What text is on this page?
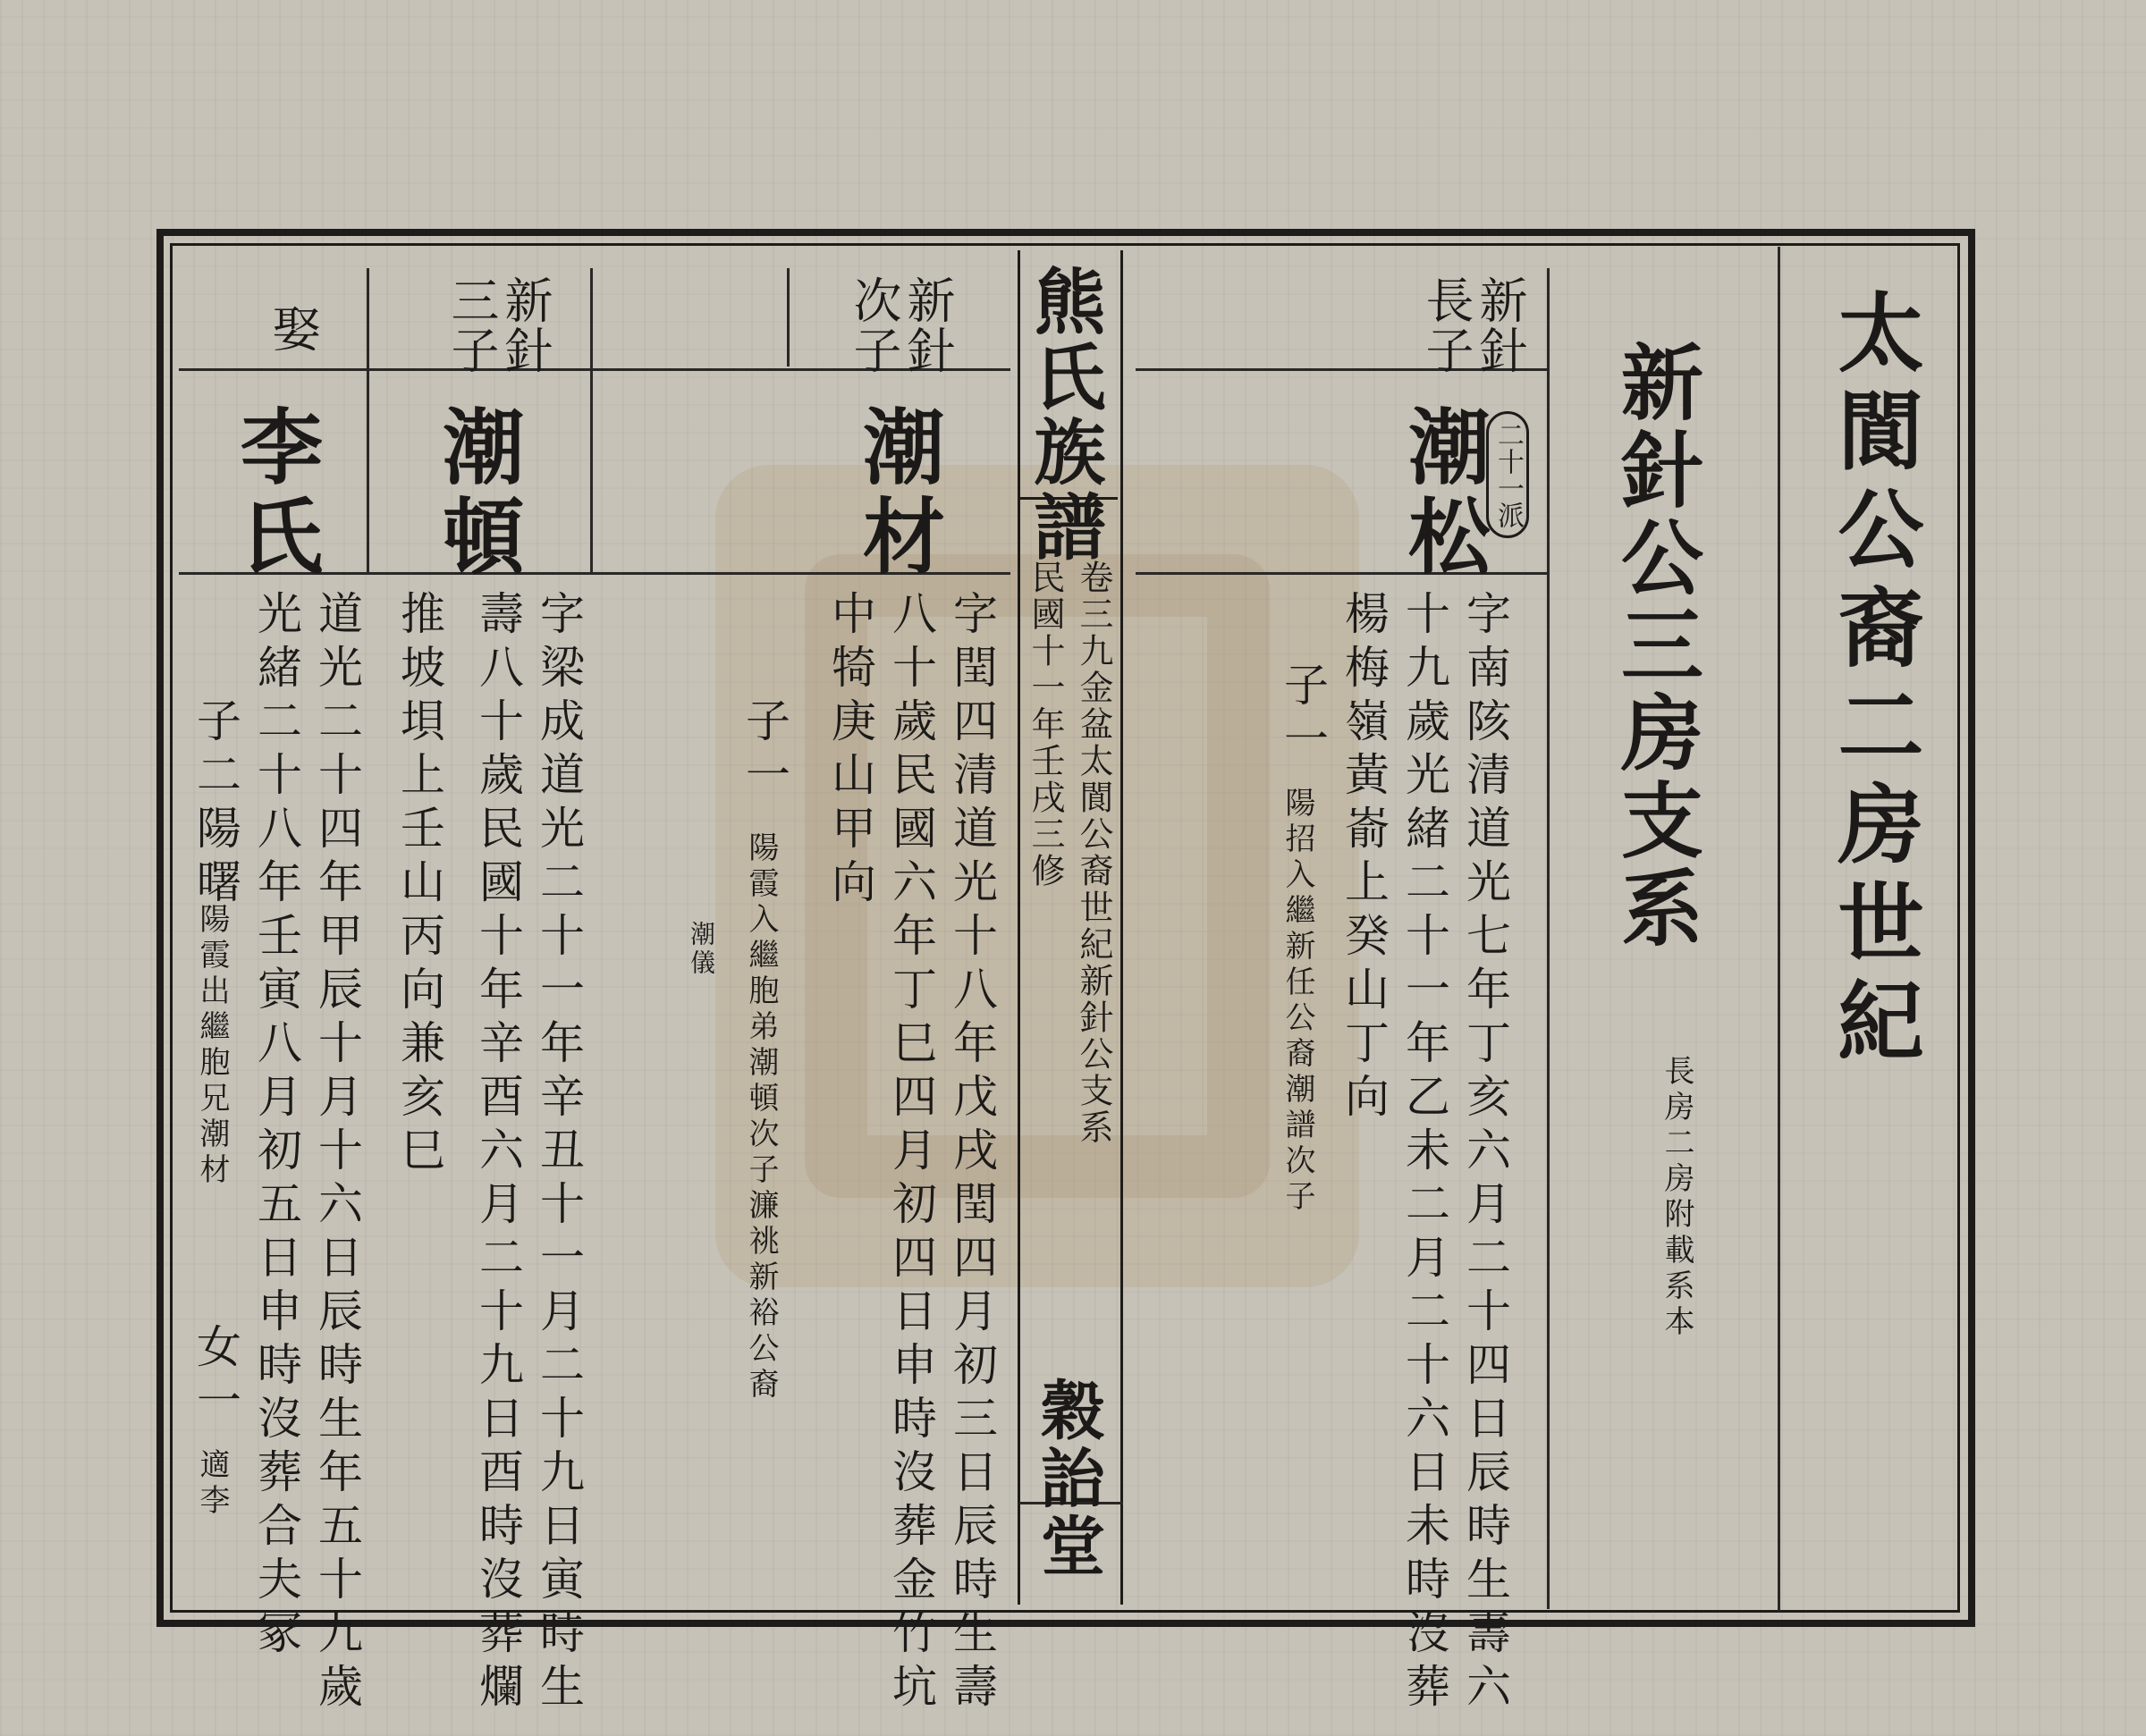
太閬公裔二房世紀
新針公三房支系
長房二房附載系本
熊氏族譜
卷三九金盆太閬公裔世紀新針公支系
民國十一年壬戌三修
穀詒堂
新針
長子
潮松 二十一派
字南陔清道光七年丁亥六月二十四日辰時生壽六
十九歲光緒二十一年乙未二月二十六日未時沒葬
楊梅嶺黃嵛上癸山丁向
子一
陽招入繼新任公裔潮譜次子
新針
次子
潮材
字閏四清道光十八年戊戌閏四月初三日辰時生壽
八十歲民國六年丁巳四月初四日申時沒葬金竹坑
中犄庚山甲向
子一
陽霞入繼胞弟潮頓次子濂祧新裕公裔
潮儀
新針
三子
潮頓
字梁成道光二十一年辛丑十一月二十九日寅時生
壽八十歲民國十年辛酉六月二十九日酉時沒葬爛
推坡垻上壬山丙向兼亥巳
娶
李氏
道光二十四年甲辰十月十六日辰時生年五十九歲
光緒二十八年壬寅八月初五日申時沒葬合夫冢
子二陽曙
陽霞出繼胞兄潮材
女一
適李
